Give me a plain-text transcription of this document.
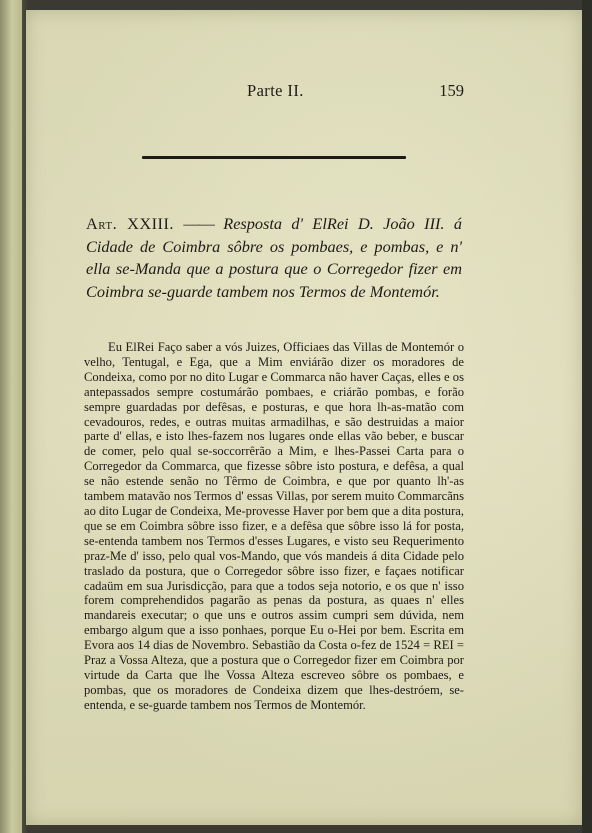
Parte II.	159
Art. XXIII. —— Resposta d' ElRei D. João III. á Cidade de Coimbra sôbre os pombaes, e pombas, e n' ella se-Manda que a postura que o Corregedor fizer em Coimbra se-guarde tambem nos Termos de Montemór.

Eu ElRei Faço saber a vós Juizes, Officiaes das Villas de Montemór o velho, Tentugal, e Ega, que a Mim enviárão dizer os moradores de Condeixa, como por no dito Lugar e Commarca não haver Caças, elles e os antepassados sempre costumárão pombaes, e criárão pombas, e forão sempre guardadas por defêsas, e posturas, e que hora lh-as-matão com cevadouros, redes, e outras muitas armadilhas, e são destruidas a maior parte d' ellas, e isto lhes-fazem nos lugares onde ellas vão beber, e buscar de comer, pelo qual se-soccorrêrão a Mim, e lhes-Passei Carta para o Corregedor da Commarca, que fizesse sôbre isto postura, e defêsa, a qual se não estende senão no Têrmo de Coimbra, e que por quanto lh'-as tambem matavão nos Termos d' essas Villas, por serem muito Commarcãns ao dito Lugar de Condeixa, Me-provesse Haver por bem que a dita postura, que se em Coimbra sôbre isso fizer, e a defêsa que sôbre isso lá for posta, se-entenda tambem nos Termos d'esses Lugares, e visto seu Requerimento praz-Me d' isso, pelo qual vos-Mando, que vós mandeis á dita Cidade pelo traslado da postura, que o Corregedor sôbre isso fizer, e façaes notificar cadaüm em sua Jurisdicção, para que a todos seja notorio, e os que n' isso forem comprehendidos pagarão as penas da postura, as quaes n' elles mandareis executar; o que uns e outros assim cumpri sem dúvida, nem embargo algum que a isso ponhaes, porque Eu o-Hei por bem. Escrita em Evora aos 14 dias de Novembro. Sebastião da Costa o-fez de 1524 = REI = Praz a Vossa Alteza, que a postura que o Corregedor fizer em Coimbra por virtude da Carta que lhe Vossa Alteza escreveo sôbre os pombaes, e pombas, que os moradores de Condeixa dizem que lhes-destróem, se-entenda, e se-guarde tambem nos Termos de Montemór.
